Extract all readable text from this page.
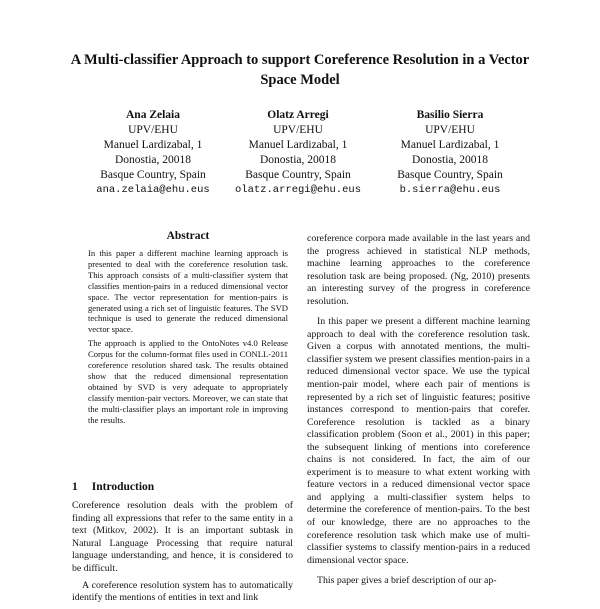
A Multi-classifier Approach to support Coreference Resolution in a Vector Space Model
Ana Zelaia
UPV/EHU
Manuel Lardizabal, 1
Donostia, 20018
Basque Country, Spain
ana.zelaia@ehu.eus
Olatz Arregi
UPV/EHU
Manuel Lardizabal, 1
Donostia, 20018
Basque Country, Spain
olatz.arregi@ehu.eus
Basilio Sierra
UPV/EHU
Manuel Lardizabal, 1
Donostia, 20018
Basque Country, Spain
b.sierra@ehu.eus
Abstract

In this paper a different machine learning approach is presented to deal with the coreference resolution task. This approach consists of a multi-classifier system that classifies mention-pairs in a reduced dimensional vector space. The vector representation for mention-pairs is generated using a rich set of linguistic features. The SVD technique is used to generate the reduced dimensional vector space.

The approach is applied to the OntoNotes v4.0 Release Corpus for the column-format files used in CONLL-2011 coreference resolution shared task. The results obtained show that the reduced dimensional representation obtained by SVD is very adequate to appropriately classify mention-pair vectors. Moreover, we can state that the multi-classifier plays an important role in improving the results.

1 Introduction

Coreference resolution deals with the problem of finding all expressions that refer to the same entity in a text (Mitkov, 2002). It is an important subtask in Natural Language Processing that require natural language understanding, and hence, it is considered to be difficult.

A coreference resolution system has to automatically identify the mentions of entities in text and link

coreference corpora made available in the last years and the progress achieved in statistical NLP methods, machine learning approaches to the coreference resolution task are being proposed. (Ng, 2010) presents an interesting survey of the progress in coreference resolution.

In this paper we present a different machine learning approach to deal with the coreference resolution task. Given a corpus with annotated mentions, the multi-classifier system we present classifies mention-pairs in a reduced dimensional vector space. We use the typical mention-pair model, where each pair of mentions is represented by a rich set of linguistic features; positive instances correspond to mention-pairs that corefer. Coreference resolution is tackled as a binary classification problem (Soon et al., 2001) in this paper; the subsequent linking of mentions into coreference chains is not considered. In fact, the aim of our experiment is to measure to what extent working with feature vectors in a reduced dimensional vector space and applying a multi-classifier system helps to determine the coreference of mention-pairs. To the best of our knowledge, there are no approaches to the coreference resolution task which make use of multi-classifier systems to classify mention-pairs in a reduced dimensional vector space.

This paper gives a brief description of our ap-
